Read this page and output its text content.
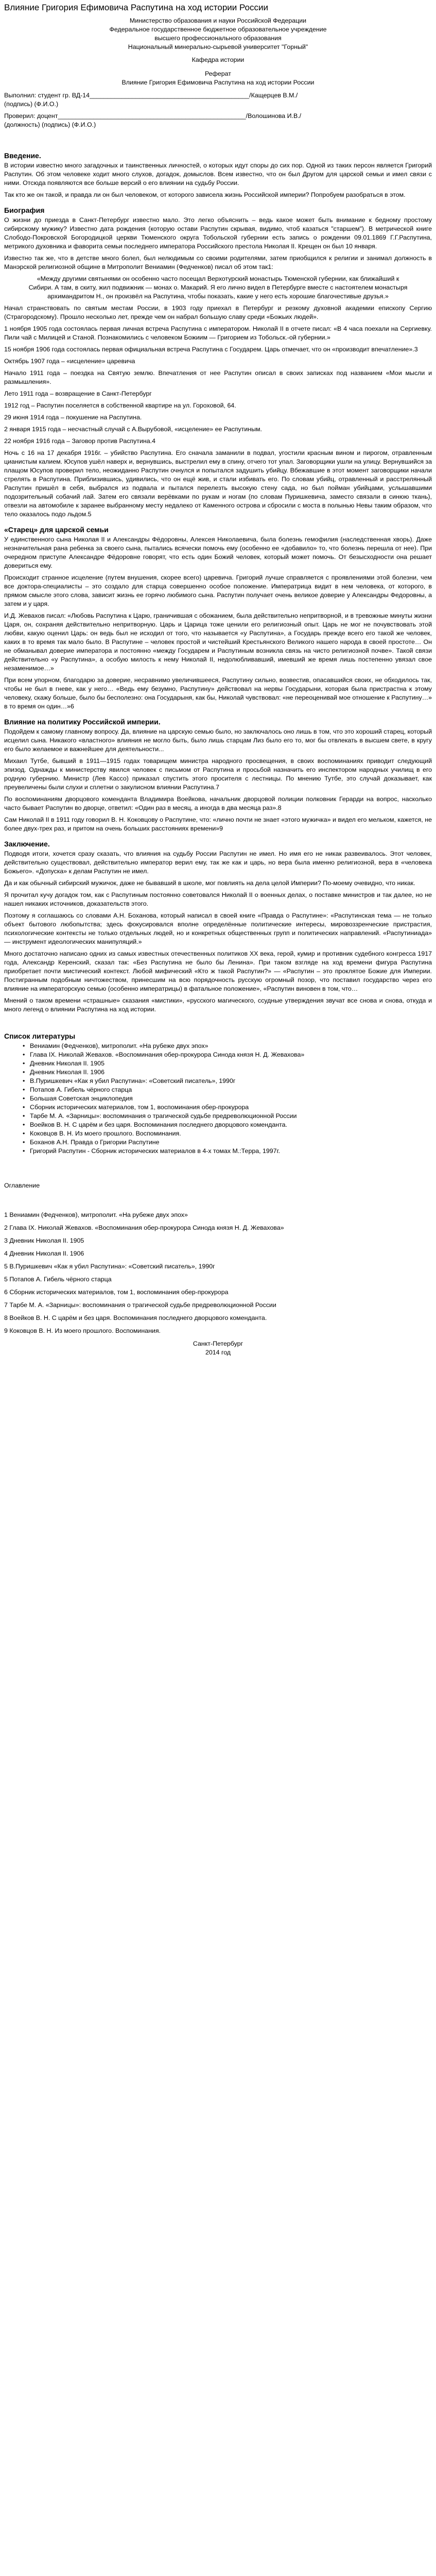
Влияние Григория Ефимовича Распутина на ход истории России
Министерство образования и науки Российской Федерации
Федеральное государственное бюджетное образовательное учреждение
высшего профессионального образования
Национальный минерально-сырьевой университет "Горный"
Кафедра истории
Реферат
Влияние Григория Ефимовича Распутина на ход истории России
Выполнил: студент гр. ВД-14_____________________________________________/Кащерцев В.М./
(подпись) (Ф.И.О.)
Проверил: доцент_____________________________________________________/Волошинова И.В./
(должность) (подпись) (Ф.И.О.)
Введение.

В истории известно много загадочных и таинственных личностей, о которых идут споры до сих пор. Одной из таких персон является Григорий Распутин. Об этом человеке ходит много слухов, догадок, домыслов. Всем известно, что он был Другом для царской семьи и имел связи с ними. Отсюда появляются все больше версий о его влиянии на судьбу России.

Так кто же он такой, и правда ли он был человеком, от которого зависела жизнь Российской империи? Попробуем разобраться в этом.

Биография

О жизни до приезда в Санкт-Петербург известно мало. Это легко объяснить – ведь какое может быть внимание к бедному простому сибирскому мужику? Известно дата рождения (которую остави Распутин скрывая, видимо, чтоб казаться "старшем"). В метрической книге Слободо-Покровской Богородицкой церкви Тюменского округа Тобольской губернии есть запись о рождении 09.01.1869 Г.Г.Распутина, метрикого духовника и фаворита семьи последнего императора Российского престола Николая II. Крещен он был 10 января.

Известно так же, что в детстве много болел, был нелюдимым со своими родителями, затем приобщился к религии и занимал должность в Манэрской религиозной общине в Митрополит Вениамин (Федченков) писал об этом так1:

«Между другими святынями он особенно часто посещал Верхотурский монастырь Тюменской губернии, как ближайший к Сибири. А там, в скиту, жил подвижник — монах о. Макарий. Я его лично видел в Петербурге вместе с настоятелем монастыря архимандритом Н., он произвёл на Распутина, чтобы показать, какие у него есть хорошие благочестивые друзья.»

Начал странствовать по святым местам России, в 1903 году приехал в Петербург и резкому духовной академии епископу Сергию (Страгородскому). Прошло несколько лет, прежде чем он набрал большую славу среди «Божьих людей».

1 ноября 1905 года состоялась первая личная встреча Распутина с императором. Николай II в отчете писал: «В 4 часа поехали на Сергиевку. Пили чай с Милицей и Станой. Познакомились с человеком Божиим — Григорием из Тобольск.-ой губернии.»

15 ноября 1906 года состоялась первая официальная встреча Распутина с Государем. Царь отмечает, что он «производит впечатление».3

Октябрь 1907 года – «исцеление» царевича

Начало 1911 года – поездка на Святую землю. Впечатления от нее Распутин описал в своих записках под названием «Мои мысли и размышления».

Лето 1911 года – возвращение в Санкт-Петербург

1912 год – Распутин поселяется в собственной квартире на ул. Гороховой, 64.

29 июня 1914 года – покушение на Распутина.

2 января 1915 года – несчастный случай с А.Вырубовой, «исцеление» ее Распутиным.

22 ноября 1916 года – Заговор против Распутина.4

Ночь с 16 на 17 декабря 1916г. – убийство Распутина. Его сначала заманили в подвал, угостили красным вином и пирогом, отравленным цианистым калием. Юсупов ушёл наверх и, вернувшись, выстрелил ему в спину, отчего тот упал. Заговорщики ушли на улицу. Вернувшийся за плащом Юсупов проверил тело, неожиданно Распутин очнулся и попытался задушить убийцу. Вбежавшие в этот момент заговорщики начали стрелять в Распутина. Приблизившись, удивились, что он ещё жив, и стали избивать его. По словам убийц, отравленный и расстрелянный Распутин пришёл в себя, выбрался из подвала и пытался перелезть высокую стену сада, но был пойман убийцами, услышавшими подозрительный собачий лай. Затем его связали верёвками по рукам и ногам (по словам Пуришкевича, заместо связали в синюю ткань), отвезли на автомобиле к заранее выбранному месту недалеко от Каменного острова и сбросили с моста в полынью Невы таким образом, что тело оказалось подо льдом.5

«Старец» для царской семьи

У единственного сына Николая II и Александры Фёдоровны, Алексея Николаевича, была болезнь гемофилия (наследственная хворь). Даже незначительная рана ребенка за своего сына, пытались всячески помочь ему (особенно ее «добавило» то, что болезнь перешла от нее). При очередном приступе Александре Фёдоровне говорят, что есть один Божий человек, который может помочь. От безысходности она решает довериться ему.

Происходит странное исцеление (путем внушения, скорее всего) царевича. Григорий лучше справляется с проявлениями этой болезни, чем все доктора-специалисты – это создало для старца совершенно особое положение. Императрица видит в нем человека, от которого, в прямом смысле этого слова, зависит жизнь ее горячо любимого сына. Распутин получает очень великое доверие у Александры Федоровны, а затем и у царя.

И.Д. Жевахов писал: «Любовь Распутина к Царю, граничившая с обожанием, была действительно непритворной, и в тревожные минуты жизни Царя, он, сохраняя действительно непритворную. Царь и Царица тоже ценили его религиозный опыт. Царь не мог не почувствовать этой любви, какую оценил Царь: он ведь был не исходил от того, что называется «у Распутина», а Государь прежде всего его такой же человек, каких в то время так мало было. В Распутине – человек простой и чистейший Крестьянского Великого нашего народа в своей простоте… Он не обманывал доверие императора и постоянно «между Государем и Распутиным возникла связь на чисто религиозной почве». Такой связи действительно «у Распутина», а особую милость к нему Николай II, недолюбливавший, имевший же время лишь постепенно увязал свое незаменимое…»

При всем упорном, благодарю за доверие, несравнимо увеличившееся, Распутину сильно, возвестив, опасавшийся своих, не обходилось так, чтобы не был в гневе, как у него… «Ведь ему безумно, Распутину» действовал на нервы Государыни, которая была пристрастна к этому человеку, скажу больше, было бы бесполезно: она Государыня, как бы, Николай чувствовал: «не переоценивай мое отношение к Распутину…» в то время он один…»6

Влияние на политику Российской империи.

Подойдем к самому главному вопросу. Да, влияние на царскую семью было, но заключалось оно лишь в том, что это хороший старец, который исцелил сына. Никакого «властного» влияния не могло быть, было лишь старцам Лиз было его то, мог бы отвлекать в высшем свете, в кругу его было желаемое и важнейшее для деятельности...

Михаил Тутбе, бывший в 1911—1915 годах товарищем министра народного просвещения, в своих воспоминаниях приводит следующий эпизод. Однажды к министерству явился человек с письмом от Распутина и просьбой назначить его инспектором народных училищ в его родную губернию. Министр (Лев Кассо) приказал спустить этого просителя с лестницы. По мнению Тутбе, это случай доказывает, как преувеличены были слухи и сплетни о закулисном влиянии Распутина.7

По воспоминаниям дворцового коменданта Владимира Воейкова, начальник дворцовой полиции полковник Герарди на вопрос, насколько часто бывает Распутин во дворце, ответил: «Один раз в месяц, а иногда в два месяца раз».8

Сам Николай II в 1911 году говорил В. Н. Коковцову о Распутине, что: «лично почти не знает «этого мужичка» и видел его мельком, кажется, не более двух-трех раз, и притом на очень больших расстояниях времени»9

Заключение.

Подводя итоги, хочется сразу сказать, что влияния на судьбу России Распутин не имел. Но имя его не никак развеивалось. Этот человек, действительно существовал, действительно император верил ему, так же как и царь, но вера была именно религиозной, вера в «человека Божьего». «Допуска» к делам Распутин не имел.

Да и как обычный сибирский мужичок, даже не бывавший в школе, мог повлиять на дела целой Империи? По-моему очевидно, что никак.

Я прочитал кучу догадок том, как с Распутиным постоянно советовался Николай II о военных делах, о поставке министров и так далее, но не нашел никаких источников, доказательств этого.

Поэтому я соглашаюсь со словами А.Н. Боханова, который написал в своей книге «Правда о Распутине»: «Распутинская тема — не только объект бытового любопытства; здесь фокусировался вполне определённые политические интересы, мировоззренческие пристрастия, психологические контексты не только отдельных людей, но и конкретных общественных групп и политических направлений. «Распутиниада» — инструмент идеологических манипуляций.»

Много достаточно написано одних из самых известных отечественных политиков XX века, герой, кумир и противник судебного конгресса 1917 года, Александр Керенский, сказал так: «Без Распутина не было бы Ленина». При таком взгляде на ход времени фигура Распутина приобретает почти мистический контекст. Любой мифический «Кто ж такой Распутин?» — «Распутин – это проклятое Божие для Империи. Постигранным подобным ничтожеством, принесшим на всю порядочность русскую огромный позор, что поставил государство через его влияние на императорскую семью (особенно императрицы) в фатальное положение», «Распутин виновен в том, что…

Мнений о таком времени «страшные» сказания «мистики», «русского магического, ссудные утверждения звучат все снова и снова, откуда и много легенд о влиянии Распутина на ход истории.

Список литературы
• Вениамин (Федченков), митрополит. «На рубеже двух эпох»
• Глава IX. Николай Жевахов. «Воспоминания обер-прокурора Синода князя Н. Д. Жевахова»
• Дневник Николая II. 1905
• Дневник Николая II. 1906
• В.Пуришкевич «Как я убил Распутина»: «Советский писатель», 1990г
• Потапов А. Гибель чёрного старца
• Большая Советская энциклопедия
• Сборник исторических материалов, том 1, воспоминания обер-прокурора
• Тарбе М. А. «Зарницы»: воспоминания о трагической судьбе предреволюционной России
• Воейков В. Н. С царём и без царя. Воспоминания последнего дворцового коменданта.
• Коковцов В. Н. Из моего прошлого. Воспоминания.
• Боханов А.Н. Правда о Григории Распутине
• Григорий Распутин - Сборник исторических материалов в 4-х томах М.:Терра, 1997г.
Оглавление
1 Вениамин (Федченков), митрополит. «На рубеже двух эпох»
2 Глава IX. Николай Жевахов. «Воспоминания обер-прокурора Синода князя Н. Д. Жевахова»
3 Дневник Николая II. 1905
4 Дневник Николая II. 1906
5 В.Пуришкевич «Как я убил Распутина»: «Советский писатель», 1990г
5 Потапов А. Гибель чёрного старца
6 Сборник исторических материалов, том 1, воспоминания обер-прокурора
7 Тарбе М. А. «Зарницы»: воспоминания о трагической судьбе предреволюционной России
8 Воейков В. Н. С царём и без царя. Воспоминания последнего дворцового коменданта.
9 Коковцов В. Н. Из моего прошлого. Воспоминания.
Санкт-Петербург
2014 год
